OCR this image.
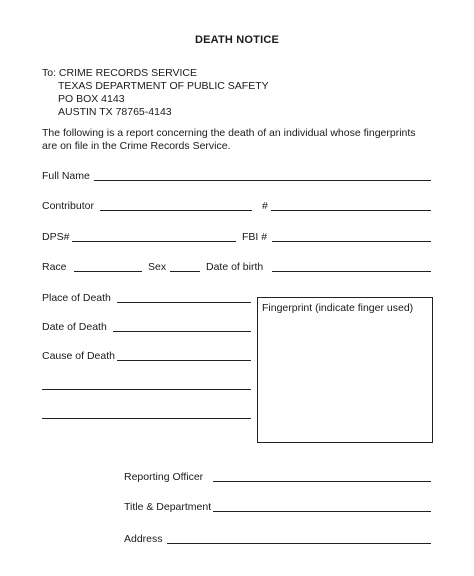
DEATH NOTICE
To: CRIME RECORDS SERVICE
TEXAS DEPARTMENT OF PUBLIC SAFETY
PO BOX 4143
AUSTIN TX 78765-4143
The following is a report concerning the death of an individual whose fingerprints
are on file in the Crime Records Service.
Full Name
Contributor	#
DPS#	FBI #
Race	Sex	Date of birth
Place of Death
Date of Death
Cause of Death
Fingerprint (indicate finger used)
Reporting Officer
Title & Department
Address
